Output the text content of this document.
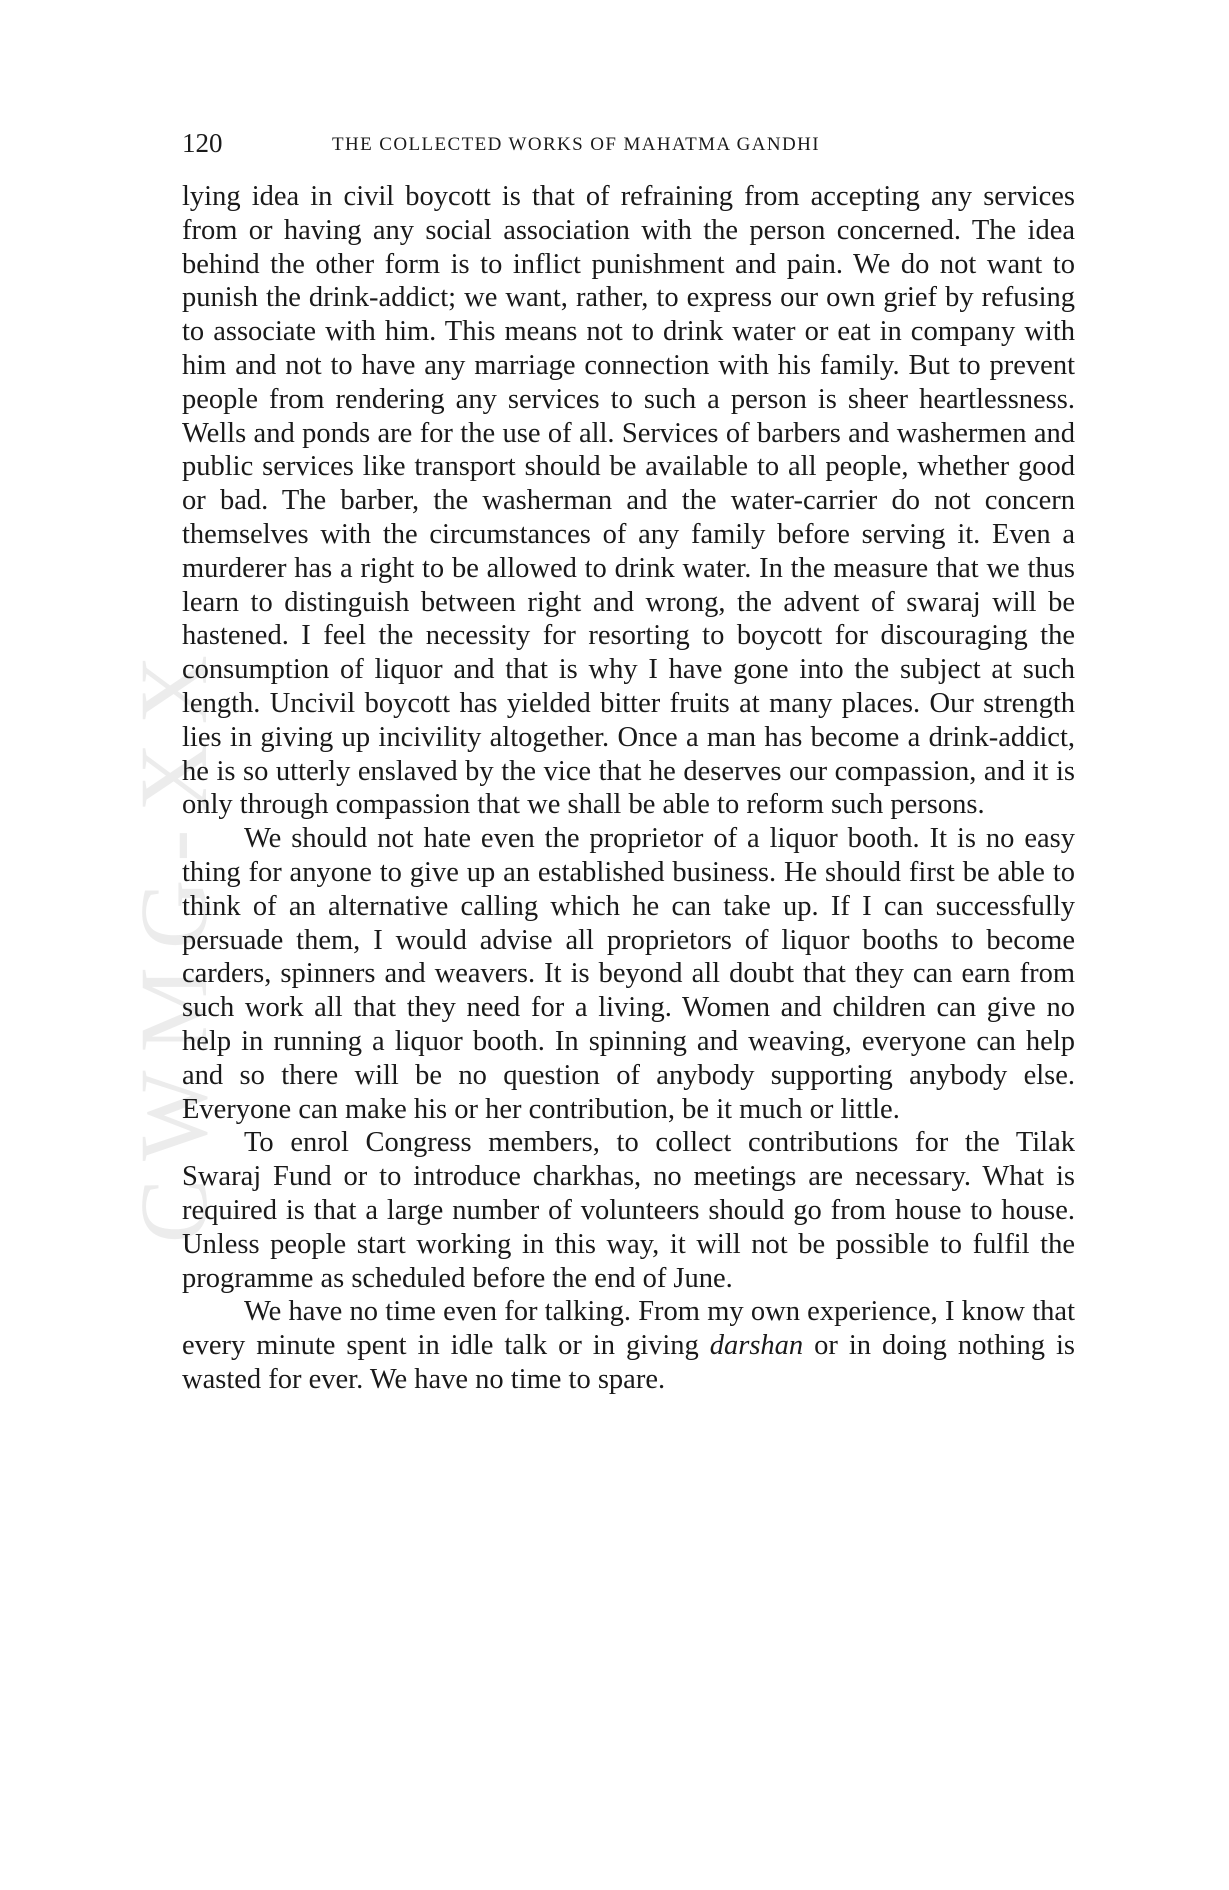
CWMG-XX
120	THE COLLECTED WORKS OF MAHATMA GANDHI

lying idea in civil boycott is that of refraining from accepting any services from or having any social association with the person concerned. The idea behind the other form is to inflict punishment and pain. We do not want to punish the drink-addict; we want, rather, to express our own grief by refusing to associate with him. This means not to drink water or eat in company with him and not to have any marriage connection with his family. But to prevent people from rendering any services to such a person is sheer heartlessness. Wells and ponds are for the use of all. Services of barbers and washermen and public services like transport should be available to all people, whether good or bad. The barber, the washerman and the water-carrier do not concern themselves with the circumstances of any family before serving it. Even a murderer has a right to be allowed to drink water. In the measure that we thus learn to distinguish between right and wrong, the advent of swaraj will be hastened. I feel the necessity for resorting to boycott for discouraging the consumption of liquor and that is why I have gone into the subject at such length. Uncivil boycott has yielded bitter fruits at many places. Our strength lies in giving up incivility altogether. Once a man has become a drink-addict, he is so utterly enslaved by the vice that he deserves our compassion, and it is only through compassion that we shall be able to reform such persons.

We should not hate even the proprietor of a liquor booth. It is no easy thing for anyone to give up an established business. He should first be able to think of an alternative calling which he can take up. If I can successfully persuade them, I would advise all proprietors of liquor booths to become carders, spinners and weavers. It is beyond all doubt that they can earn from such work all that they need for a living. Women and children can give no help in running a liquor booth. In spinning and weaving, everyone can help and so there will be no question of anybody supporting anybody else. Everyone can make his or her contribution, be it much or little.

To enrol Congress members, to collect contributions for the Tilak Swaraj Fund or to introduce charkhas, no meetings are necessary. What is required is that a large number of volunteers should go from house to house. Unless people start working in this way, it will not be possible to fulfil the programme as scheduled before the end of June.

We have no time even for talking. From my own experience, I know that every minute spent in idle talk or in giving darshan or in doing nothing is wasted for ever. We have no time to spare.
